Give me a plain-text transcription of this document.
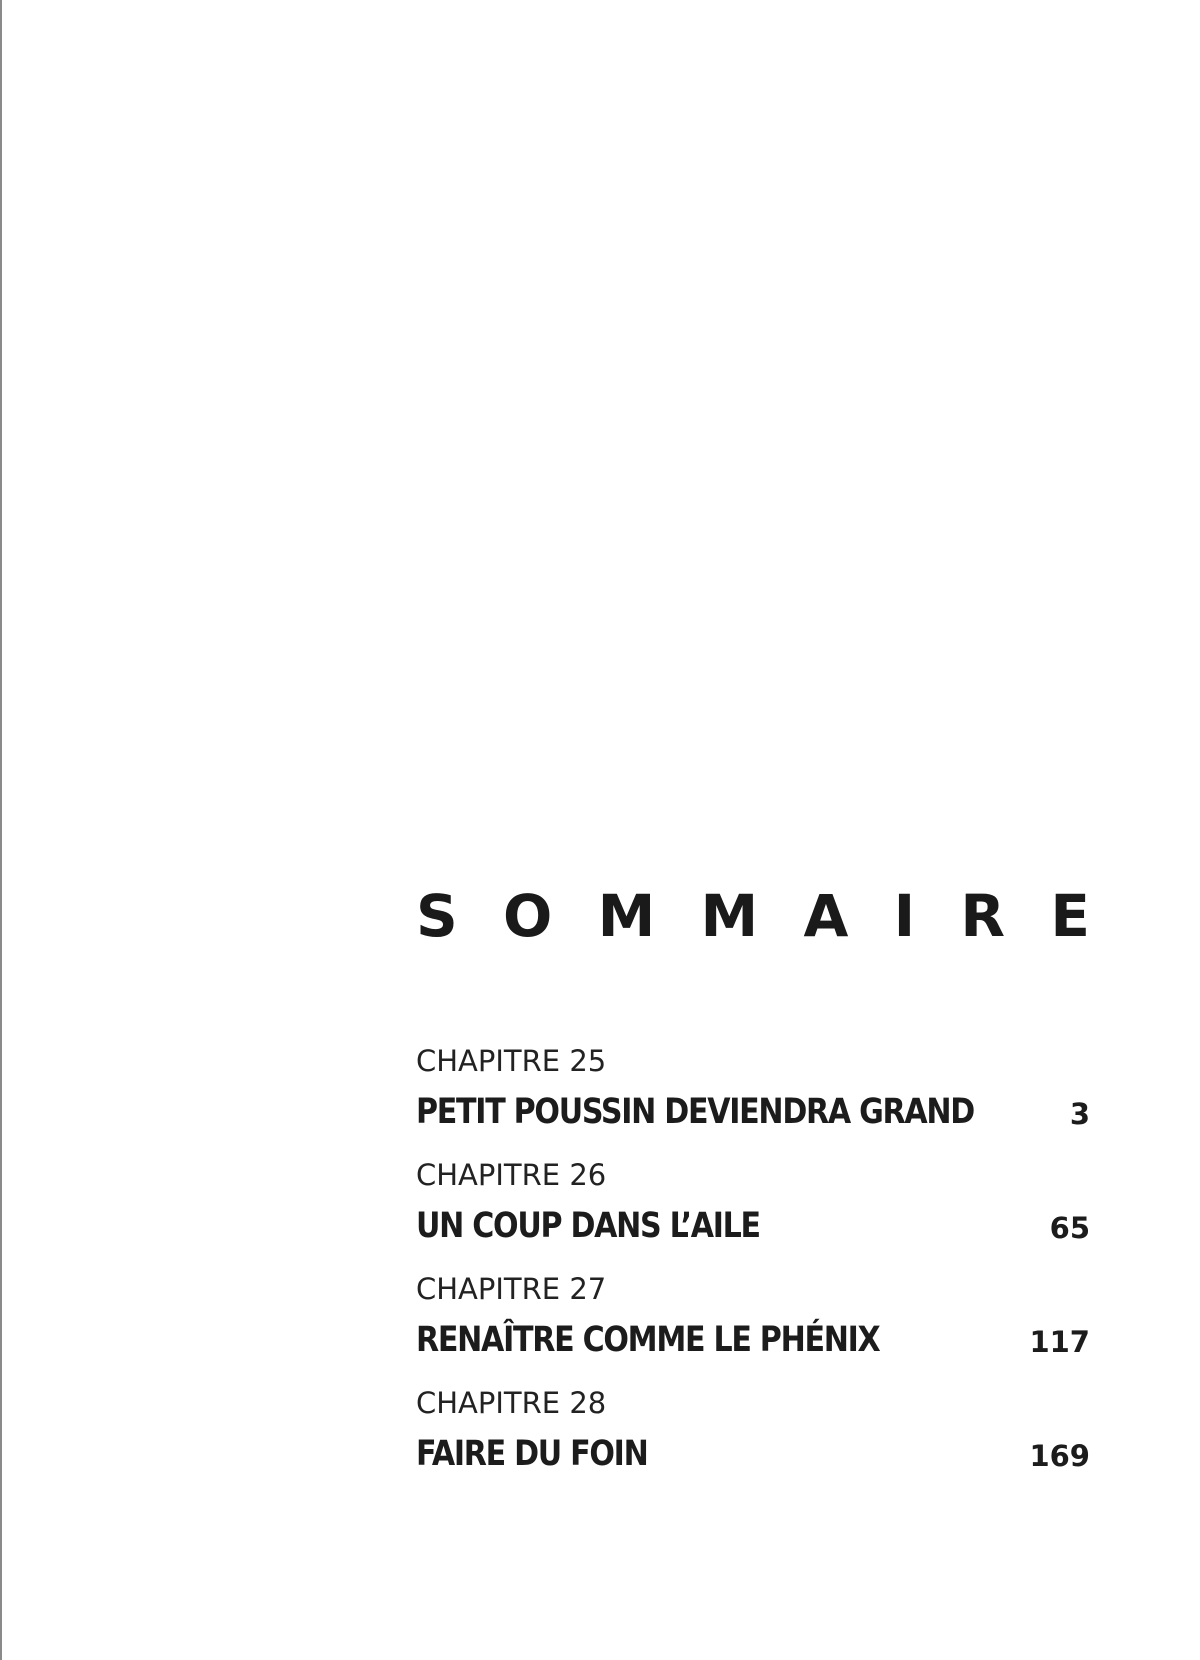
S O M M A I R E
CHAPITRE 25
PETIT POUSSIN DEVIENDRA GRAND	3
CHAPITRE 26
UN COUP DANS L’AILE	65
CHAPITRE 27
RENAÎTRE COMME LE PHÉNIX	117
CHAPITRE 28
FAIRE DU FOIN	169
